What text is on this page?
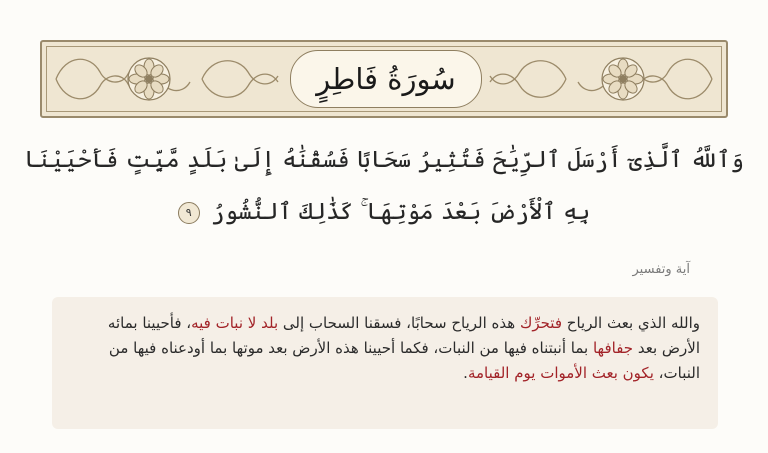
سُورَةُ فَاطِرٍ
وَٱللَّهُ ٱلَّذِىٓ أَرْسَلَ ٱلرِّيَٰحَ فَتُثِيرُ سَحَابًا فَسُقْنَٰهُ إِلَىٰ بَلَدٍ مَّيِّتٍ فَأَحْيَيْنَا بِهِ ٱلْأَرْضَ بَعْدَ مَوْتِهَا ۚ كَذَٰلِكَ ٱلنُّشُورُ ٩
آية وتفسير

والله الذي بعث الرياح فتحرِّك هذه الرياح سحابًا، فسقنا السحاب إلى بلد لا نبات فيه، فأحيينا بمائه الأرض بعد جفافها بما أنبتناه فيها من النبات، فكما أحيينا هذه الأرض بعد موتها بما أودعناه فيها من النبات، يكون بعث الأموات يوم القيامة.
